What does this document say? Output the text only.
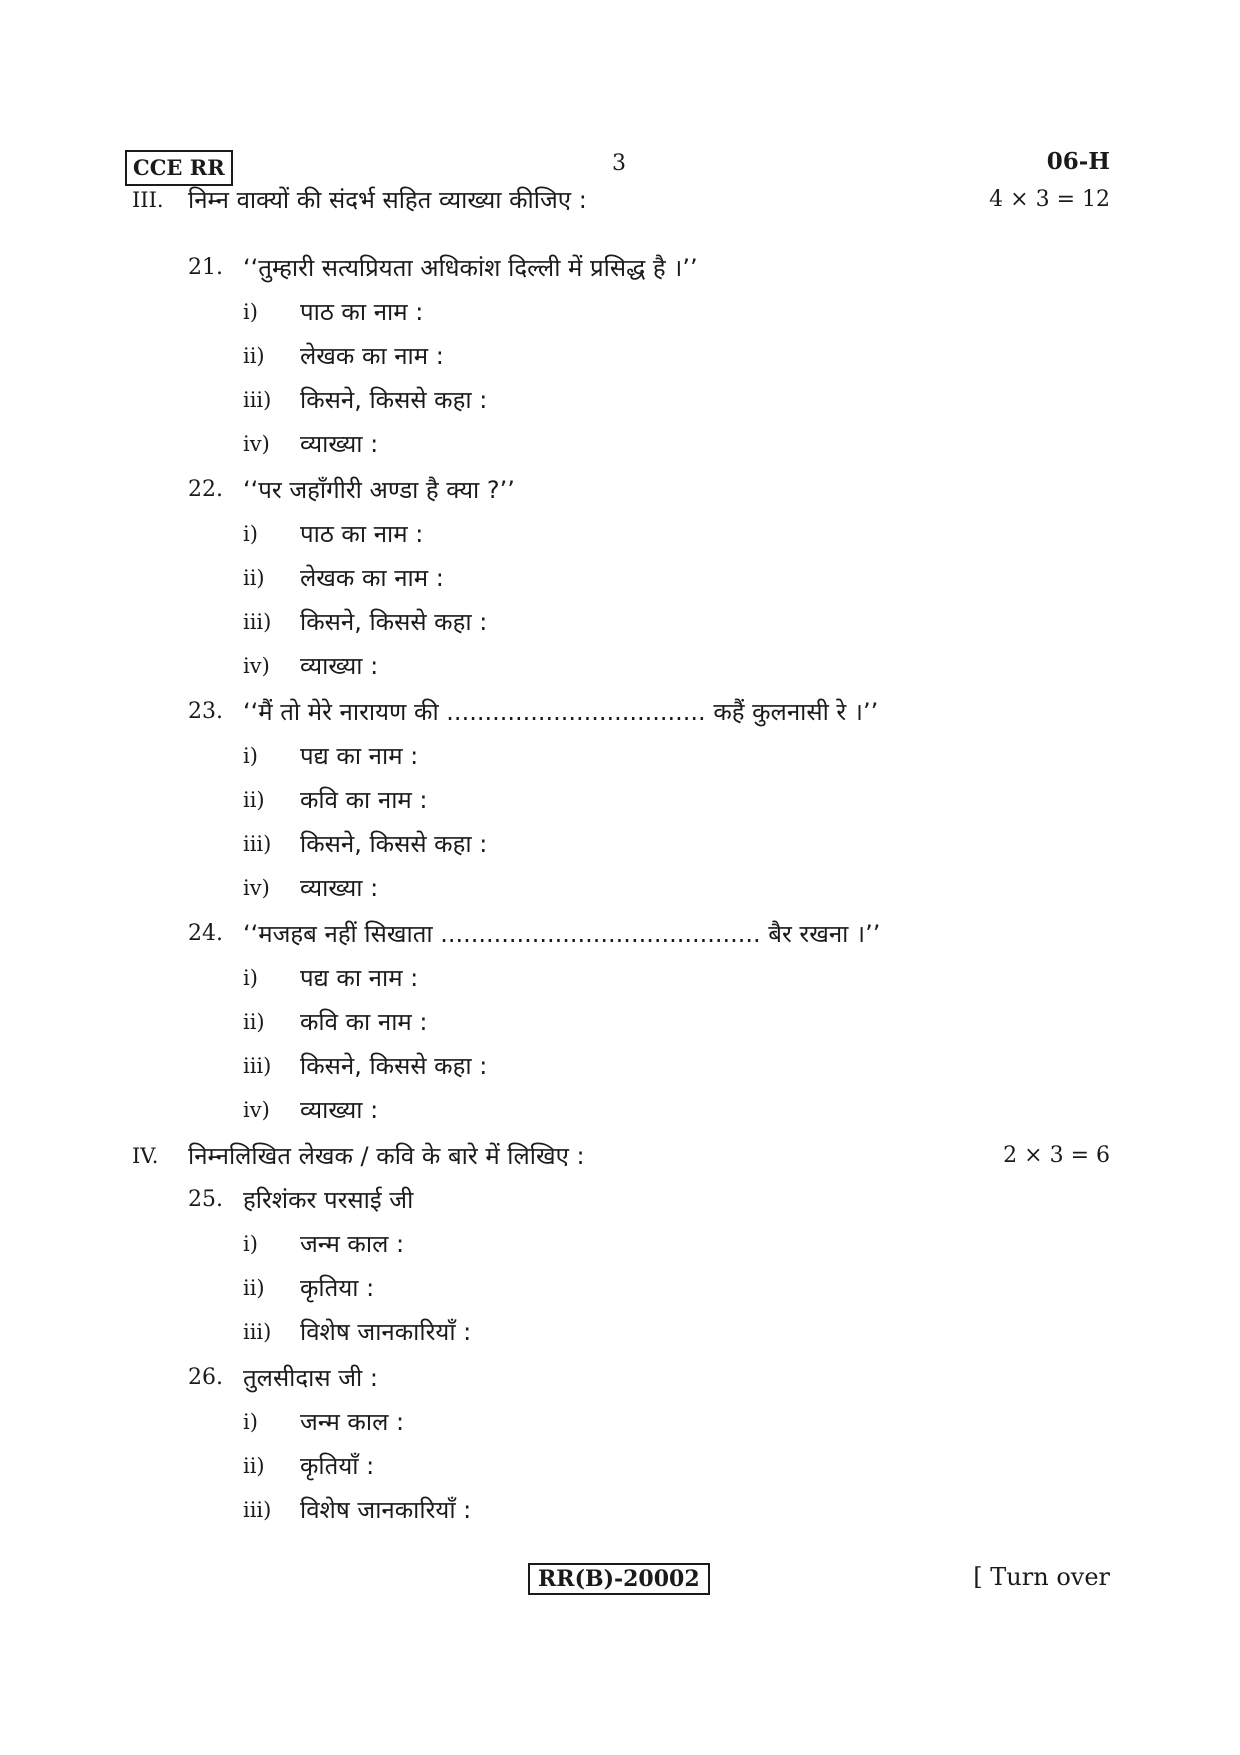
CCE RR	3	06-H
III. निम्न वाक्यों की संदर्भ सहित व्याख्या कीजिए :	4 × 3 = 12
21. ‘‘तुम्हारी सत्यप्रियता अधिकांश दिल्ली में प्रसिद्ध है ।’’
i) पाठ का नाम :
ii) लेखक का नाम :
iii) किसने, किससे कहा :
iv) व्याख्या :
22. ‘‘पर जहाँगीरी अण्डा है क्या ?’’
i) पाठ का नाम :
ii) लेखक का नाम :
iii) किसने, किससे कहा :
iv) व्याख्या :
23. ‘‘मैं तो मेरे नारायण की .................................. कहैं कुलनासी रे ।’’
i) पद्य का नाम :
ii) कवि का नाम :
iii) किसने, किससे कहा :
iv) व्याख्या :
24. ‘‘मजहब नहीं सिखाता .......................................... बैर रखना ।’’
i) पद्य का नाम :
ii) कवि का नाम :
iii) किसने, किससे कहा :
iv) व्याख्या :
IV. निम्नलिखित लेखक / कवि के बारे में लिखिए :	2 × 3 = 6
25. हरिशंकर परसाई जी
i) जन्म काल :
ii) कृतिया :
iii) विशेष जानकारियाँ :
26. तुलसीदास जी :
i) जन्म काल :
ii) कृतियाँ :
iii) विशेष जानकारियाँ :
RR(B)-20002	[ Turn over
